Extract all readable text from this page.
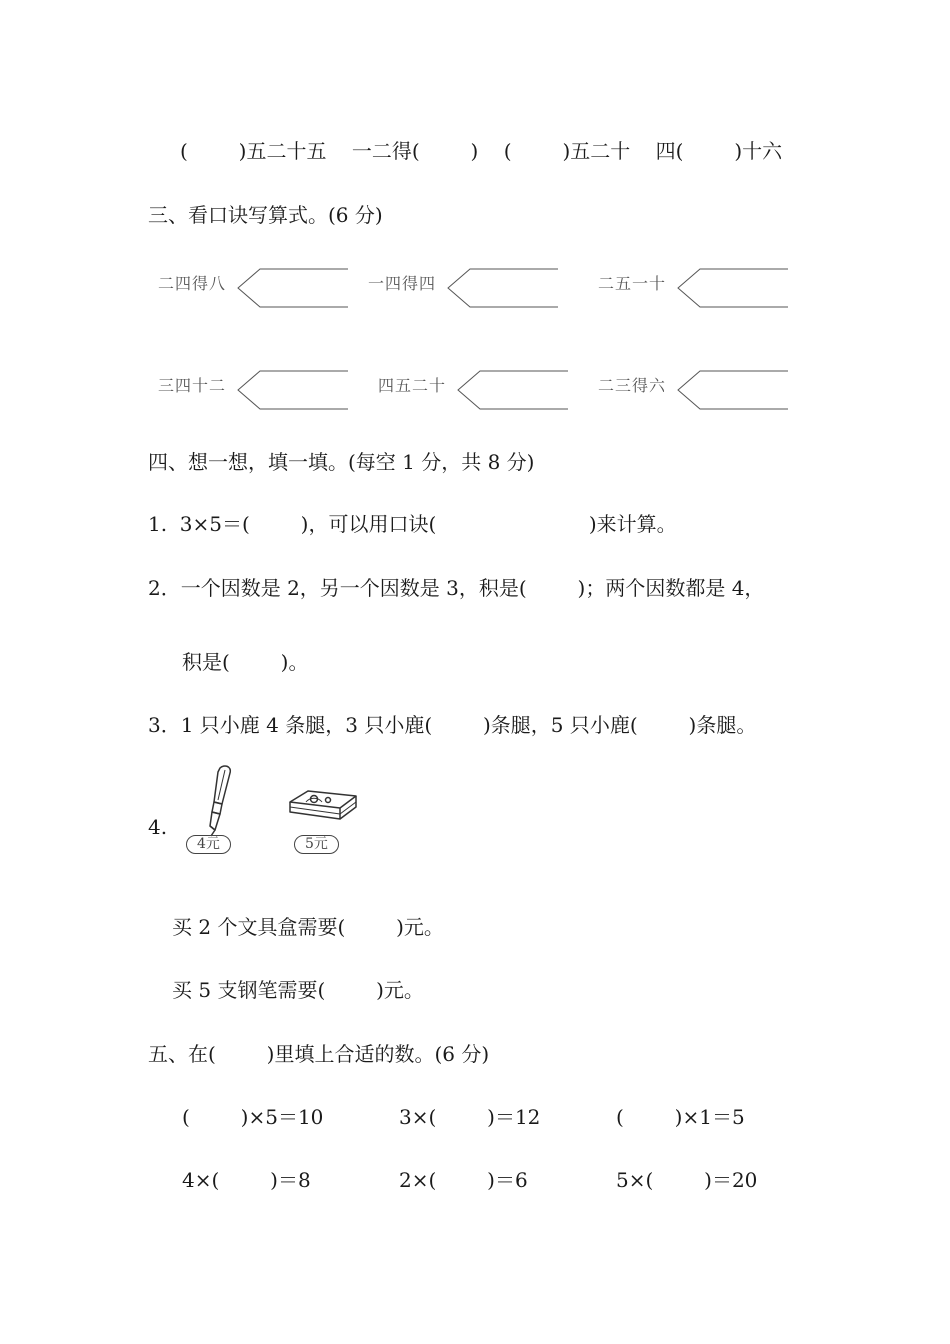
(        )五二十五    一二得(        )    (        )五二十    四(        )十六
三、看口诀写算式。(6 分)
二四得八	一四得四	二五一十
三四十二	四五二十	二三得六
四、想一想，填一填。(每空 1 分，共 8 分)
1.  3×5＝(        )，可以用口诀(                        )来计算。
2．一个因数是 2，另一个因数是 3，积是(        )；两个因数都是 4，
积是(        )。
3．1 只小鹿 4 条腿，3 只小鹿(        )条腿，5 只小鹿(        )条腿。
4.
4元	5元
买 2 个文具盒需要(        )元。
买 5 支钢笔需要(        )元。
五、在(        )里填上合适的数。(6 分)
(        )×5＝10	3×(        )＝12	(        )×1＝5
4×(        )＝8	2×(        )＝6	5×(        )＝20
